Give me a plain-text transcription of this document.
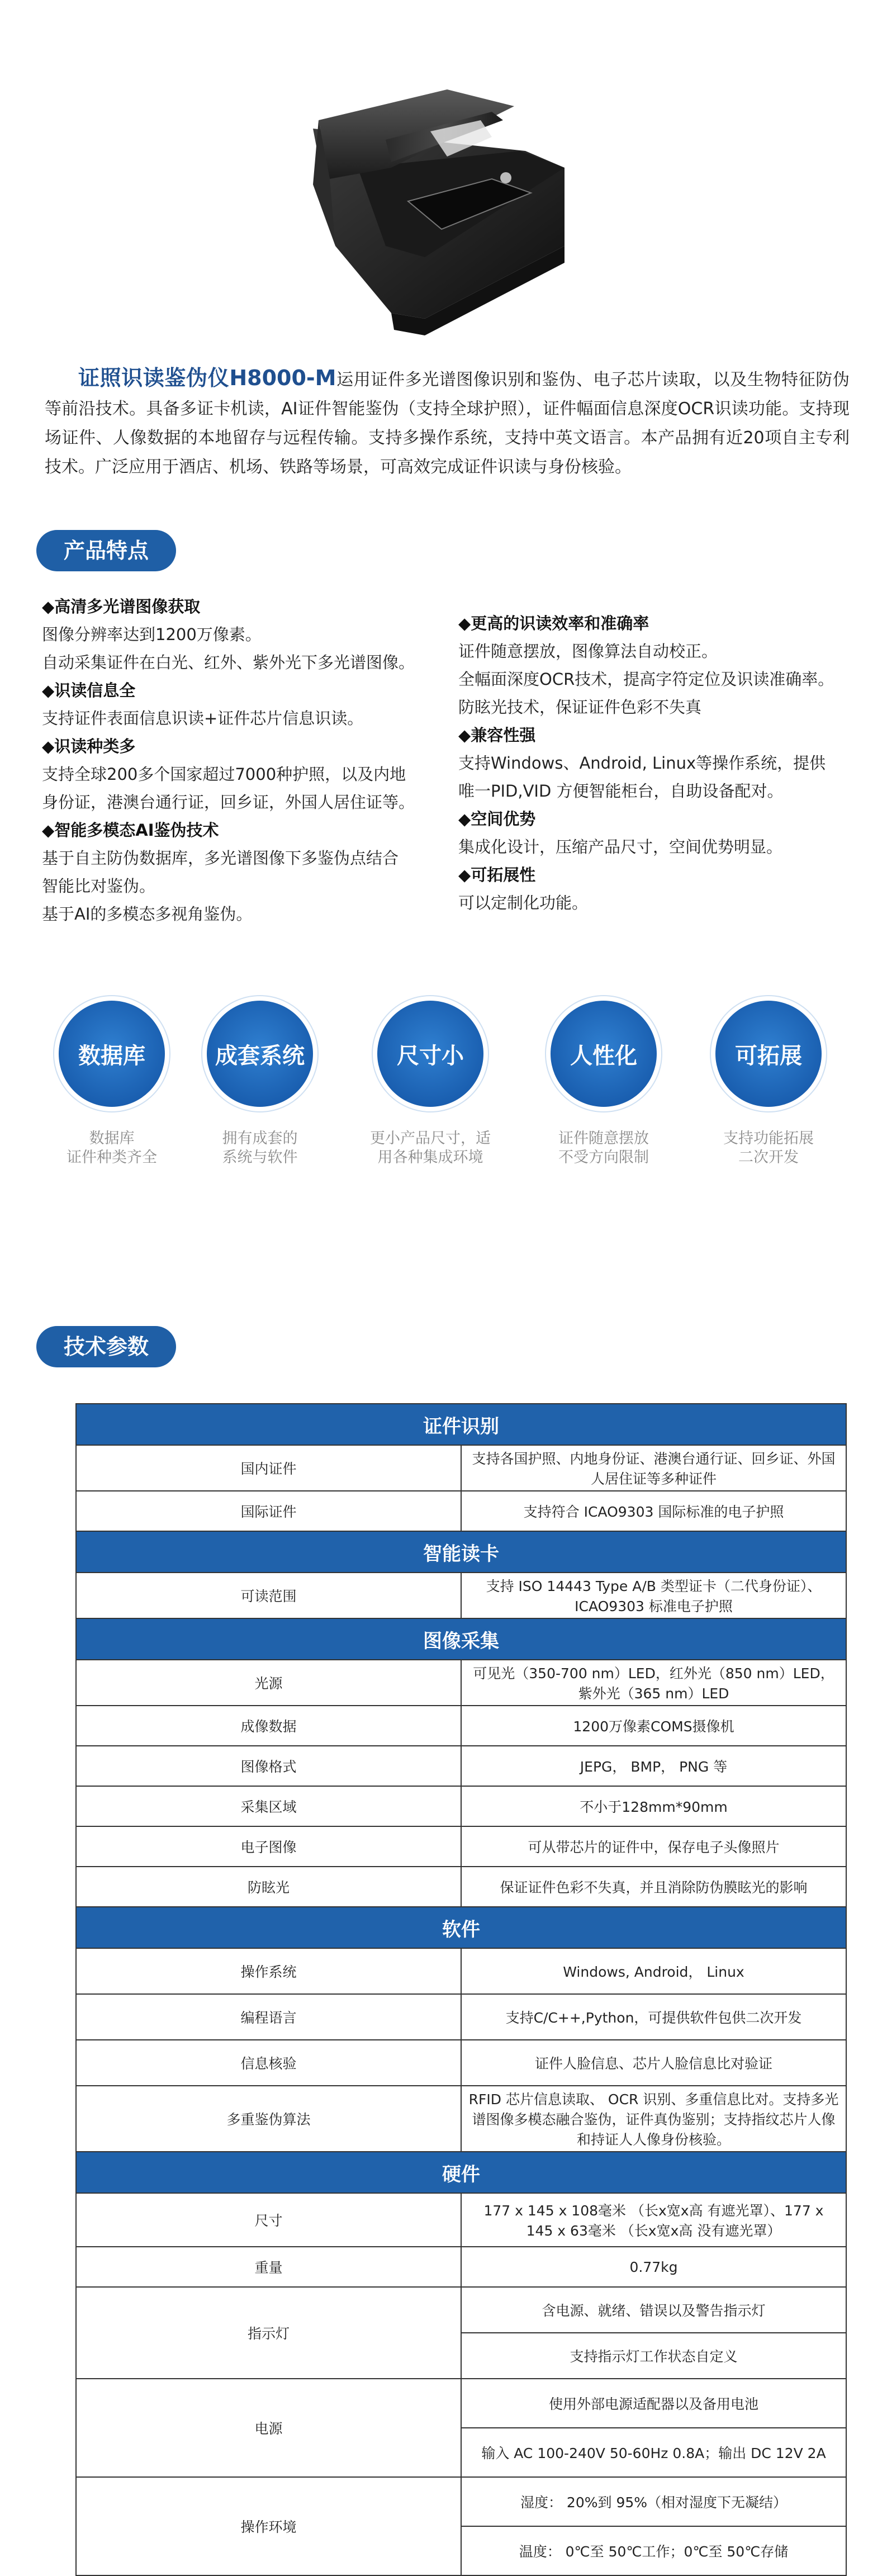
证照识读鉴伪仪H8000-M运用证件多光谱图像识别和鉴伪、电子芯片读取，以及生物特征防伪等前沿技术。具备多证卡机读，AI证件智能鉴伪（支持全球护照），证件幅面信息深度OCR识读功能。支持现场证件、人像数据的本地留存与远程传输。支持多操作系统，支持中英文语言。本产品拥有近20项自主专利技术。广泛应用于酒店、机场、铁路等场景，可高效完成证件识读与身份核验。
产品特点
◆高清多光谱图像获取
图像分辨率达到1200万像素。
自动采集证件在白光、红外、紫外光下多光谱图像。
◆识读信息全
支持证件表面信息识读+证件芯片信息识读。
◆识读种类多
支持全球200多个国家超过7000种护照，以及内地
身份证，港澳台通行证，回乡证，外国人居住证等。
◆智能多模态AI鉴伪技术
基于自主防伪数据库，多光谱图像下多鉴伪点结合
智能比对鉴伪。
基于AI的多模态多视角鉴伪。
◆更高的识读效率和准确率
证件随意摆放，图像算法自动校正。
全幅面深度OCR技术，提高字符定位及识读准确率。
防眩光技术，保证证件色彩不失真
◆兼容性强
支持Windows、Android, Linux等操作系统，提供
唯一PID,VID 方便智能柜台，自助设备配对。
◆空间优势
集成化设计，压缩产品尺寸，空间优势明显。
◆可拓展性
可以定制化功能。
数据库
数据库
证件种类齐全
成套系统
拥有成套的
系统与软件
尺寸小
更小产品尺寸，适
用各种集成环境
人性化
证件随意摆放
不受方向限制
可拓展
支持功能拓展
二次开发
技术参数
证件识别	
国内证件	支持各国护照、内地身份证、港澳台通行证、回乡证、外国人居住证等多种证件
国际证件	支持符合 ICAO9303 国际标准的电子护照
智能读卡	
可读范围	支持 ISO 14443 Type A/B 类型证卡（二代身份证）、ICAO9303 标准电子护照
图像采集	
光源	可见光（350-700 nm）LED，红外光（850 nm）LED，紫外光（365 nm）LED
成像数据	1200万像素COMS摄像机
图像格式	JEPG， BMP， PNG 等
采集区域	不小于128mm*90mm
电子图像	可从带芯片的证件中，保存电子头像照片
防眩光	保证证件色彩不失真，并且消除防伪膜眩光的影响
软件	
操作系统	Windows, Android， Linux
编程语言	支持C/C++,Python，可提供软件包供二次开发
信息核验	证件人脸信息、芯片人脸信息比对验证
多重鉴伪算法	RFID 芯片信息读取、 OCR 识别、多重信息比对。支持多光谱图像多模态融合鉴伪，证件真伪鉴别；支持指纹芯片人像和持证人人像身份核验。
硬件	
尺寸	177 x 145 x 108毫米 （长x宽x高 有遮光罩）、177 x 145 x 63毫米 （长x宽x高 没有遮光罩）
重量	0.77kg
指示灯	含电源、就绪、错误以及警告指示灯
	支持指示灯工作状态自定义
电源	使用外部电源适配器以及备用电池
	输入 AC 100-240V 50-60Hz 0.8A；输出 DC 12V 2A
操作环境	湿度： 20%到 95%（相对湿度下无凝结）
	温度： 0℃至 50℃工作；0℃至 50℃存储
